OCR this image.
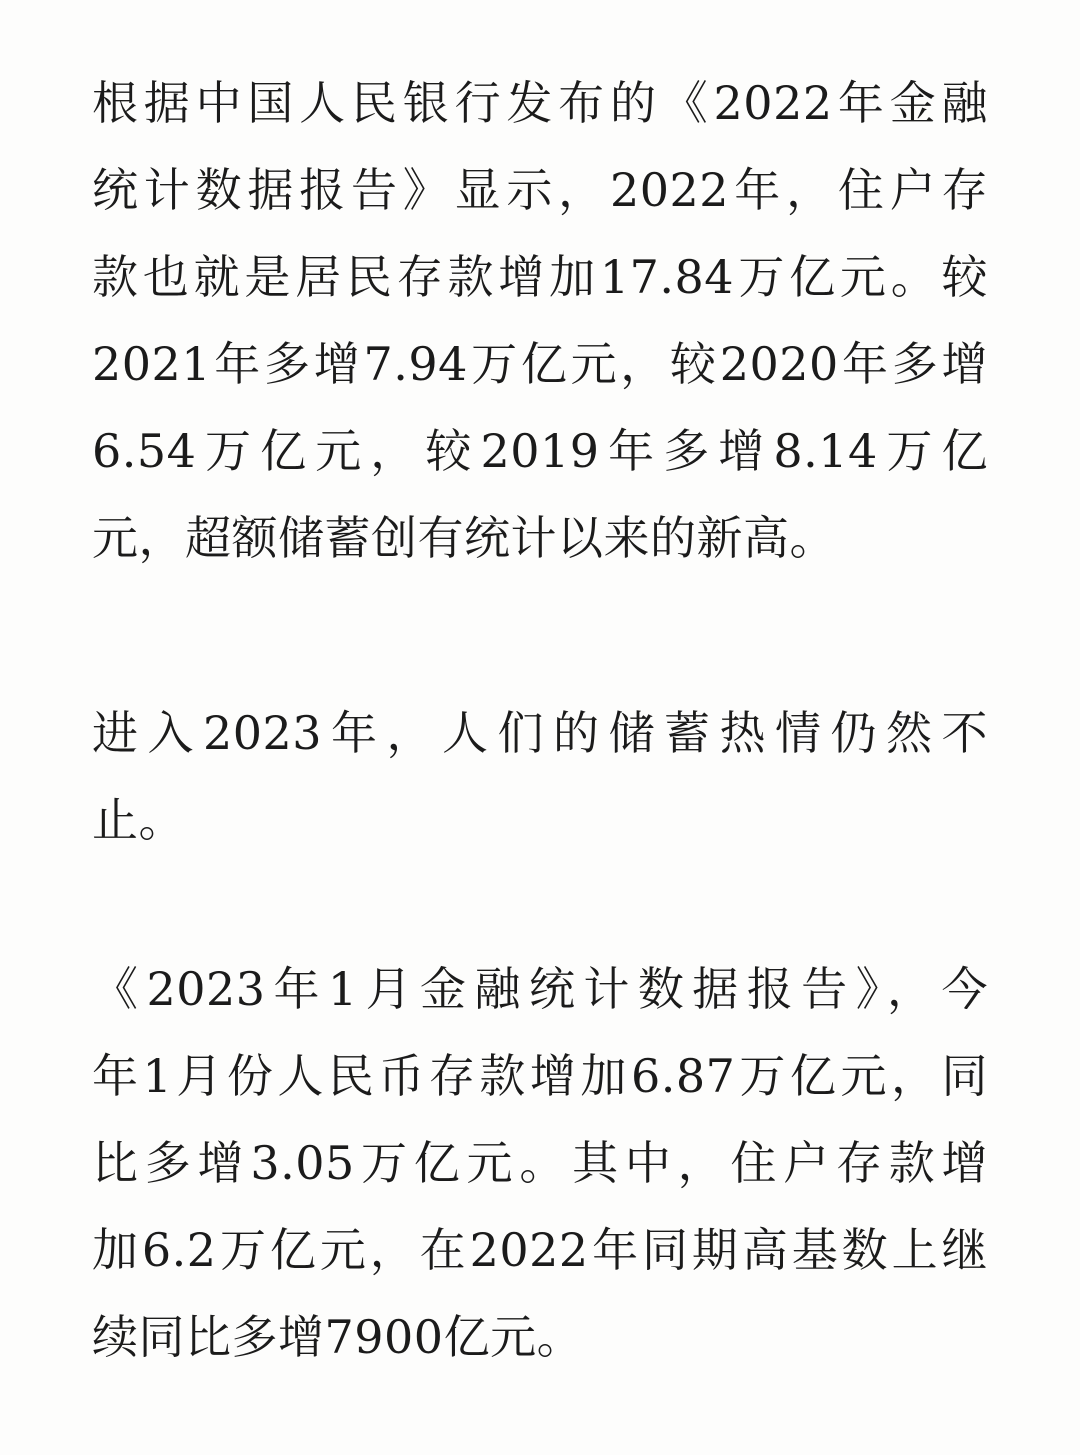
根据中国人民银行发布的《2022年金融
统计数据报告》显示，2022年，住户存
款也就是居民存款增加17.84万亿元。较
2021年多增7.94万亿元，较2020年多增
6.54万亿元，较2019年多增8.14万亿
元，超额储蓄创有统计以来的新高。

进入2023年，人们的储蓄热情仍然不
止。

《2023年1月金融统计数据报告》，今
年1月份人民币存款增加6.87万亿元，同
比多增3.05万亿元。其中，住户存款增
加6.2万亿元，在2022年同期高基数上继
续同比多增7900亿元。
